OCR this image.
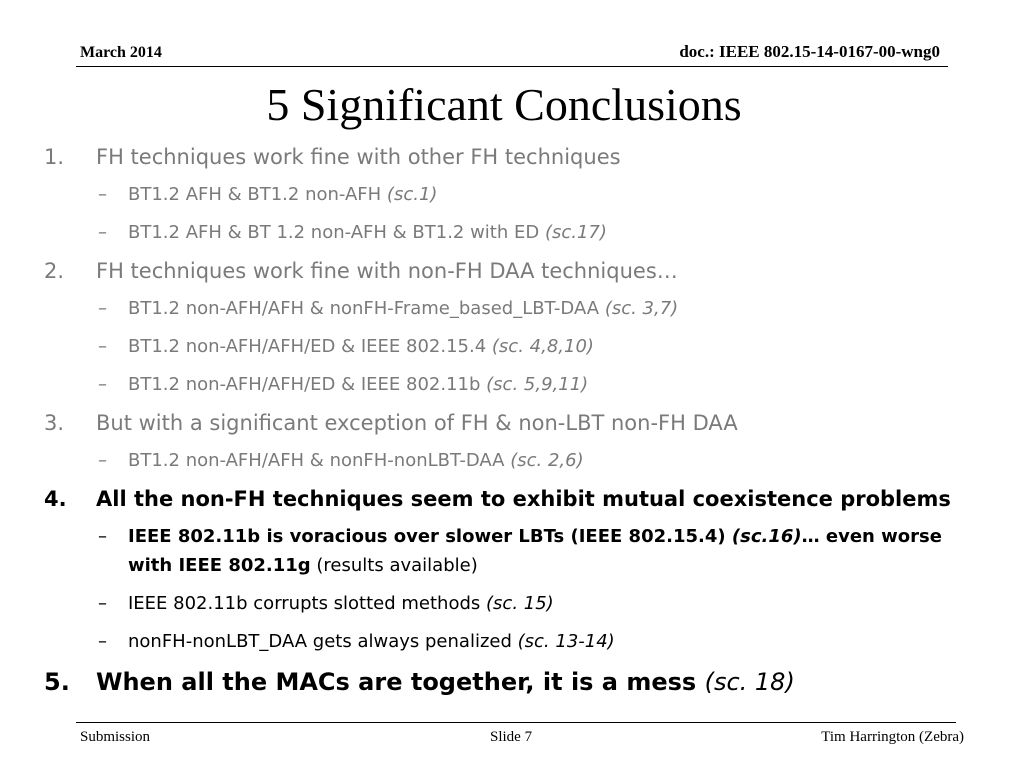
March 2014	doc.: IEEE 802.15-14-0167-00-wng0
5 Significant Conclusions
1. FH techniques work fine with other FH techniques
– BT1.2 AFH & BT1.2 non-AFH (sc.1)
– BT1.2 AFH & BT 1.2 non-AFH & BT1.2 with ED (sc.17)
2. FH techniques work fine with non-FH DAA techniques…
– BT1.2 non-AFH/AFH & nonFH-Frame_based_LBT-DAA (sc. 3,7)
– BT1.2 non-AFH/AFH/ED & IEEE 802.15.4 (sc. 4,8,10)
– BT1.2 non-AFH/AFH/ED & IEEE 802.11b (sc. 5,9,11)
3. But with a significant exception of FH & non-LBT non-FH DAA
– BT1.2 non-AFH/AFH & nonFH-nonLBT-DAA (sc. 2,6)
4. All the non-FH techniques seem to exhibit mutual coexistence problems
– IEEE 802.11b is voracious over slower LBTs (IEEE 802.15.4) (sc.16)… even worse with IEEE 802.11g (results available)
– IEEE 802.11b corrupts slotted methods (sc. 15)
– nonFH-nonLBT_DAA gets always penalized (sc. 13-14)
5. When all the MACs are together, it is a mess (sc. 18)
Submission	Slide 7	Tim Harrington (Zebra)
